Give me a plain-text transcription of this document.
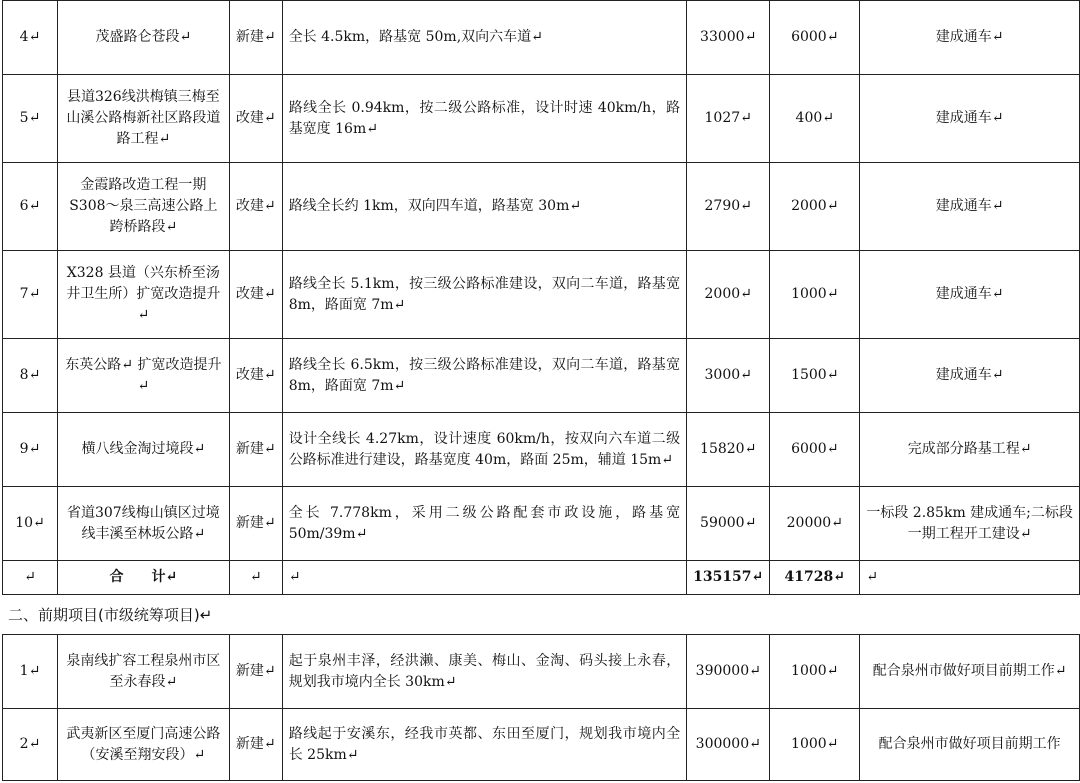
4↵	茂盛路仑苍段↵	新建↵	全长 4.5km，路基宽 50m,双向六车道↵	33000↵	6000↵	建成通车↵
5↵	县道326线洪梅镇三梅至山溪公路梅新社区路段道路工程↵	改建↵	路线全长 0.94km，按二级公路标准，设计时速 40km/h，路基宽度 16m↵	1027↵	400↵	建成通车↵
6↵	金霞路改造工程一期S308～泉三高速公路上跨桥路段↵	改建↵	路线全长约 1km，双向四车道，路基宽 30m↵	2790↵	2000↵	建成通车↵
7↵	X328 县道（兴东桥至汤井卫生所）扩宽改造提升↵	改建↵	路线全长 5.1km，按三级公路标准建设，双向二车道，路基宽 8m，路面宽 7m↵	2000↵	1000↵	建成通车↵
8↵	东英公路↵ 扩宽改造提升↵	改建↵	路线全长 6.5km，按三级公路标准建设，双向二车道，路基宽 8m，路面宽 7m↵	3000↵	1500↵	建成通车↵
9↵	横八线金淘过境段↵	新建↵	设计全线长 4.27km，设计速度 60km/h，按双向六车道二级公路标准进行建设，路基宽度 40m，路面 25m，辅道 15m↵	15820↵	6000↵	完成部分路基工程↵
10↵	省道307线梅山镇区过境线丰溪至林坂公路↵	新建↵	全长 7.778km，采用二级公路配套市政设施，路基宽 50m/39m↵	59000↵	20000↵	一标段 2.85km 建成通车;二标段一期工程开工建设↵
↵	合　　计↵	↵	↵	135157↵	41728↵	↵
二、前期项目(市级统筹项目)↵
1↵	泉南线扩容工程泉州市区至永春段↵	新建↵	起于泉州丰泽，经洪濑、康美、梅山、金淘、码头接上永春，规划我市境内全长 30km↵	390000↵	1000↵	配合泉州市做好项目前期工作↵
2↵	武夷新区至厦门高速公路（安溪至翔安段）↵	新建↵	路线起于安溪东，经我市英都、东田至厦门，规划我市境内全长 25km↵	300000↵	1000↵	配合泉州市做好项目前期工作
